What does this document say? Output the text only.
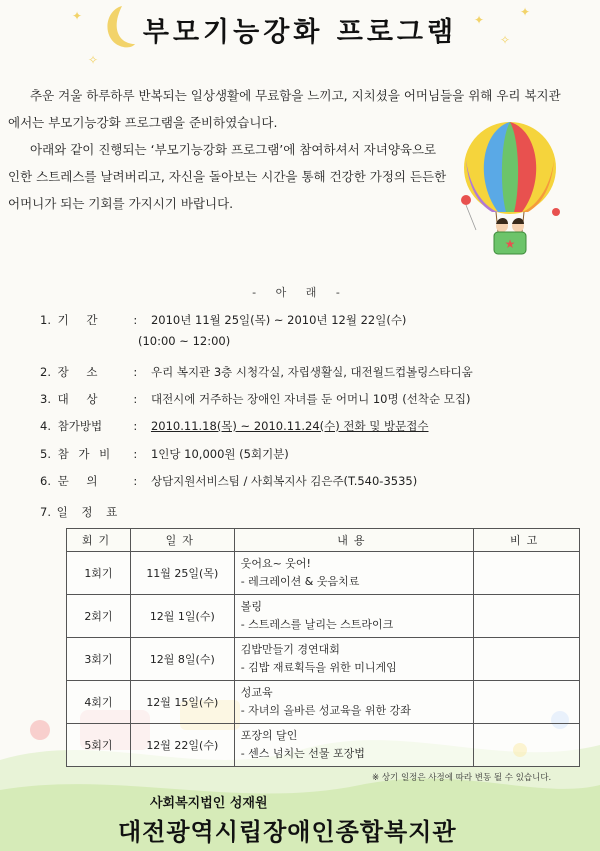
✦
✧
✦
✧
✦
★
부모기능강화 프로그램

추운 겨울 하루하루 반복되는 일상생활에 무료함을 느끼고, 지치셨을 어머님들을 위해 우리 복지관에서는 부모기능강화 프로그램을 준비하였습니다.

아래와 같이 진행되는 ‘부모기능강화 프로그램’에 참여하셔서 자녀양육으로 인한 스트레스를 날려버리고, 자신을 돌아보는 시간을 통해 건강한 가정의 든든한 어머니가 되는 기회를 가지시기 바랍니다.

- 아 래 -
1. 기 간	: 2010년 11월 25일(목) ~ 2010년 12월 22일(수)
(10:00 ~ 12:00)
2. 장 소	: 우리 복지관 3층 시청각실, 자립생활실, 대전월드컵볼링스타디움
3. 대 상	: 대전시에 거주하는 장애인 자녀를 둔 어머니 10명 (선착순 모집)
4. 참가방법	: 2010.11.18(목) ~ 2010.11.24(수) 전화 및 방문접수
5. 참 가 비 : 1인당 10,000원 (5회기분)
6. 문 의	: 상담지원서비스팀 / 사회복지사 김은주(T.540-3535)
7. 일 정 표
회기	일자	내용	비고
1회기	11월 25일(목)	웃어요~ 웃어!
- 레크레이션 & 웃음치료	

2회기	12월 1일(수)	볼링
- 스트레스를 날리는 스트라이크	

3회기	12월 8일(수)	김밥만들기 경연대회
- 김밥 재료획득을 위한 미니게임	

4회기	12월 15일(수)	성교육
- 자녀의 올바른 성교육을 위한 강좌	

5회기	12월 22일(수)	포장의 달인
- 센스 넘치는 선물 포장법	

※ 상기 일정은 사정에 따라 변동 될 수 있습니다.
사회복지법인 성재원
대전광역시립장애인종합복지관
